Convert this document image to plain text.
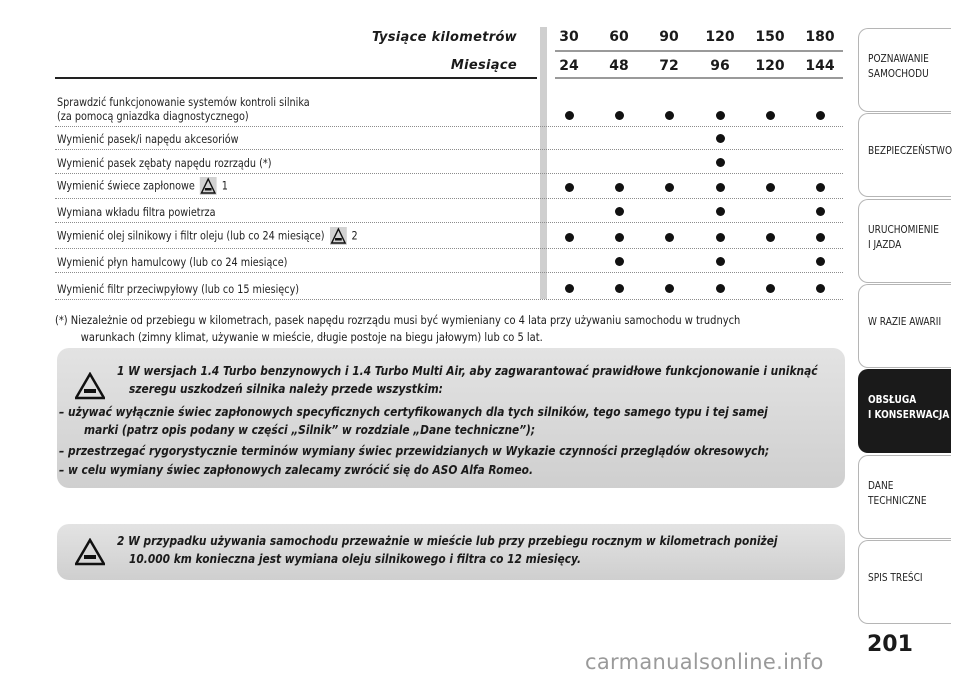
Tysiące kilometrów
Miesiące
30
24
60
48
90
72
120
96
150
120
180
144
Sprawdzić funkcjonowanie systemów kontroli silnika
(za pomocą gniazdka diagnostycznego)
Wymienić pasek/i napędu akcesoriów
Wymienić pasek zębaty napędu rozrządu (*)
Wymienić świece zapłonowe 1
Wymiana wkładu filtra powietrza
Wymienić olej silnikowy i filtr oleju (lub co 24 miesiące) 2
Wymienić płyn hamulcowy (lub co 24 miesiące)
Wymienić filtr przeciwpyłowy (lub co 15 miesięcy)
(*) Niezależnie od przebiegu w kilometrach, pasek napędu rozrządu musi być wymieniany co 4 lata przy używaniu samochodu w trudnych
warunkach (zimny klimat, używanie w mieście, długie postoje na biegu jałowym) lub co 5 lat.
1 W wersjach 1.4 Turbo benzynowych i 1.4 Turbo Multi Air, aby zagwarantować prawidłowe funkcjonowanie i uniknąć
szeregu uszkodzeń silnika należy przede wszystkim:
– używać wyłącznie świec zapłonowych specyficznych certyfikowanych dla tych silników, tego samego typu i tej samej
marki (patrz opis podany w części „Silnik” w rozdziale „Dane techniczne”);
– przestrzegać rygorystycznie terminów wymiany świec przewidzianych w Wykazie czynności przeglądów okresowych;
– w celu wymiany świec zapłonowych zalecamy zwrócić się do ASO Alfa Romeo.
2 W przypadku używania samochodu przeważnie w mieście lub przy przebiegu rocznym w kilometrach poniżej
10.000 km konieczna jest wymiana oleju silnikowego i filtra co 12 miesięcy.
POZNAWANIE
SAMOCHODU
BEZPIECZEŃSTWO
URUCHOMIENIE
I JAZDA
W RAZIE AWARII
OBSŁUGA
I KONSERWACJA
DANE
TECHNICZNE
SPIS TREŚCI
201
carmanualsonline.info
